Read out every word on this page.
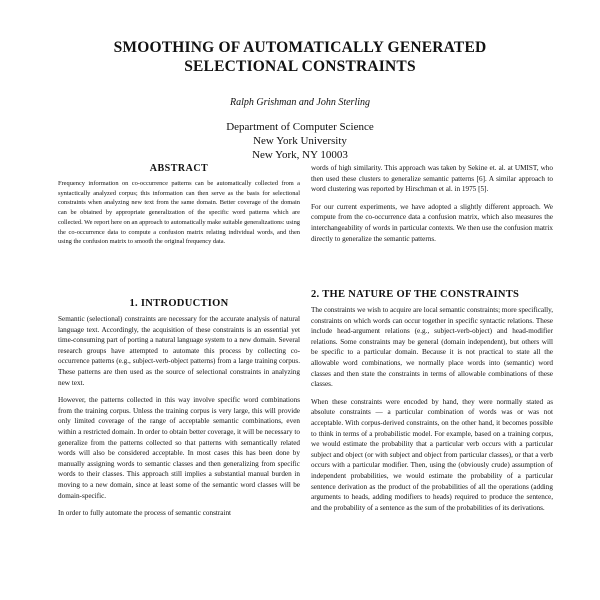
SMOOTHING OF AUTOMATICALLY GENERATED
SELECTIONAL CONSTRAINTS
Ralph Grishman and John Sterling
Department of Computer Science
New York University
New York, NY 10003
ABSTRACT
Frequency information on co-occurrence patterns can be automatically collected from a syntactically analyzed corpus; this information can then serve as the basis for selectional constraints when analyzing new text from the same domain. Better coverage of the domain can be obtained by appropriate generalization of the specific word patterns which are collected. We report here on an approach to automatically make suitable generalizations: using the co-occurrence data to compute a confusion matrix relating individual words, and then using the confusion matrix to smooth the original frequency data.
1. INTRODUCTION

Semantic (selectional) constraints are necessary for the accurate analysis of natural language text. Accordingly, the acquisition of these constraints is an essential yet time-consuming part of porting a natural language system to a new domain. Several research groups have attempted to automate this process by collecting co-occurrence patterns (e.g., subject-verb-object patterns) from a large training corpus. These patterns are then used as the source of selectional constraints in analyzing new text.

However, the patterns collected in this way involve specific word combinations from the training corpus. Unless the training corpus is very large, this will provide only limited coverage of the range of acceptable semantic combinations, even within a restricted domain. In order to obtain better coverage, it will be necessary to generalize from the patterns collected so that patterns with semantically related words will also be considered acceptable. In most cases this has been done by manually assigning words to semantic classes and then generalizing from specific words to their classes. This approach still implies a substantial manual burden in moving to a new domain, since at least some of the semantic word classes will be domain-specific.

In order to fully automate the process of semantic constraint

words of high similarity. This approach was taken by Sekine et. al. at UMIST, who then used these clusters to generalize semantic patterns [6]. A similar approach to word clustering was reported by Hirschman et al. in 1975 [5].

For our current experiments, we have adopted a slightly different approach. We compute from the co-occurrence data a confusion matrix, which also measures the interchangeability of words in particular contexts. We then use the confusion matrix directly to generalize the semantic patterns.

2. THE NATURE OF THE CONSTRAINTS

The constraints we wish to acquire are local semantic constraints; more specifically, constraints on which words can occur together in specific syntactic relations. These include head-argument relations (e.g., subject-verb-object) and head-modifier relations. Some constraints may be general (domain independent), but others will be specific to a particular domain. Because it is not practical to state all the allowable word combinations, we normally place words into (semantic) word classes and then state the constraints in terms of allowable combinations of these classes.

When these constraints were encoded by hand, they were normally stated as absolute constraints — a particular combination of words was or was not acceptable. With corpus-derived constraints, on the other hand, it becomes possible to think in terms of a probabilistic model. For example, based on a training corpus, we would estimate the probability that a particular verb occurs with a particular subject and object (or with subject and object from particular classes), or that a verb occurs with a particular modifier. Then, using the (obviously crude) assumption of independent probabilities, we would estimate the probability of a particular sentence derivation as the product of the probabilities of all the operations (adding arguments to heads, adding modifiers to heads) required to produce the sentence, and the probability of a sentence as the sum of the probabilities of its derivations.
